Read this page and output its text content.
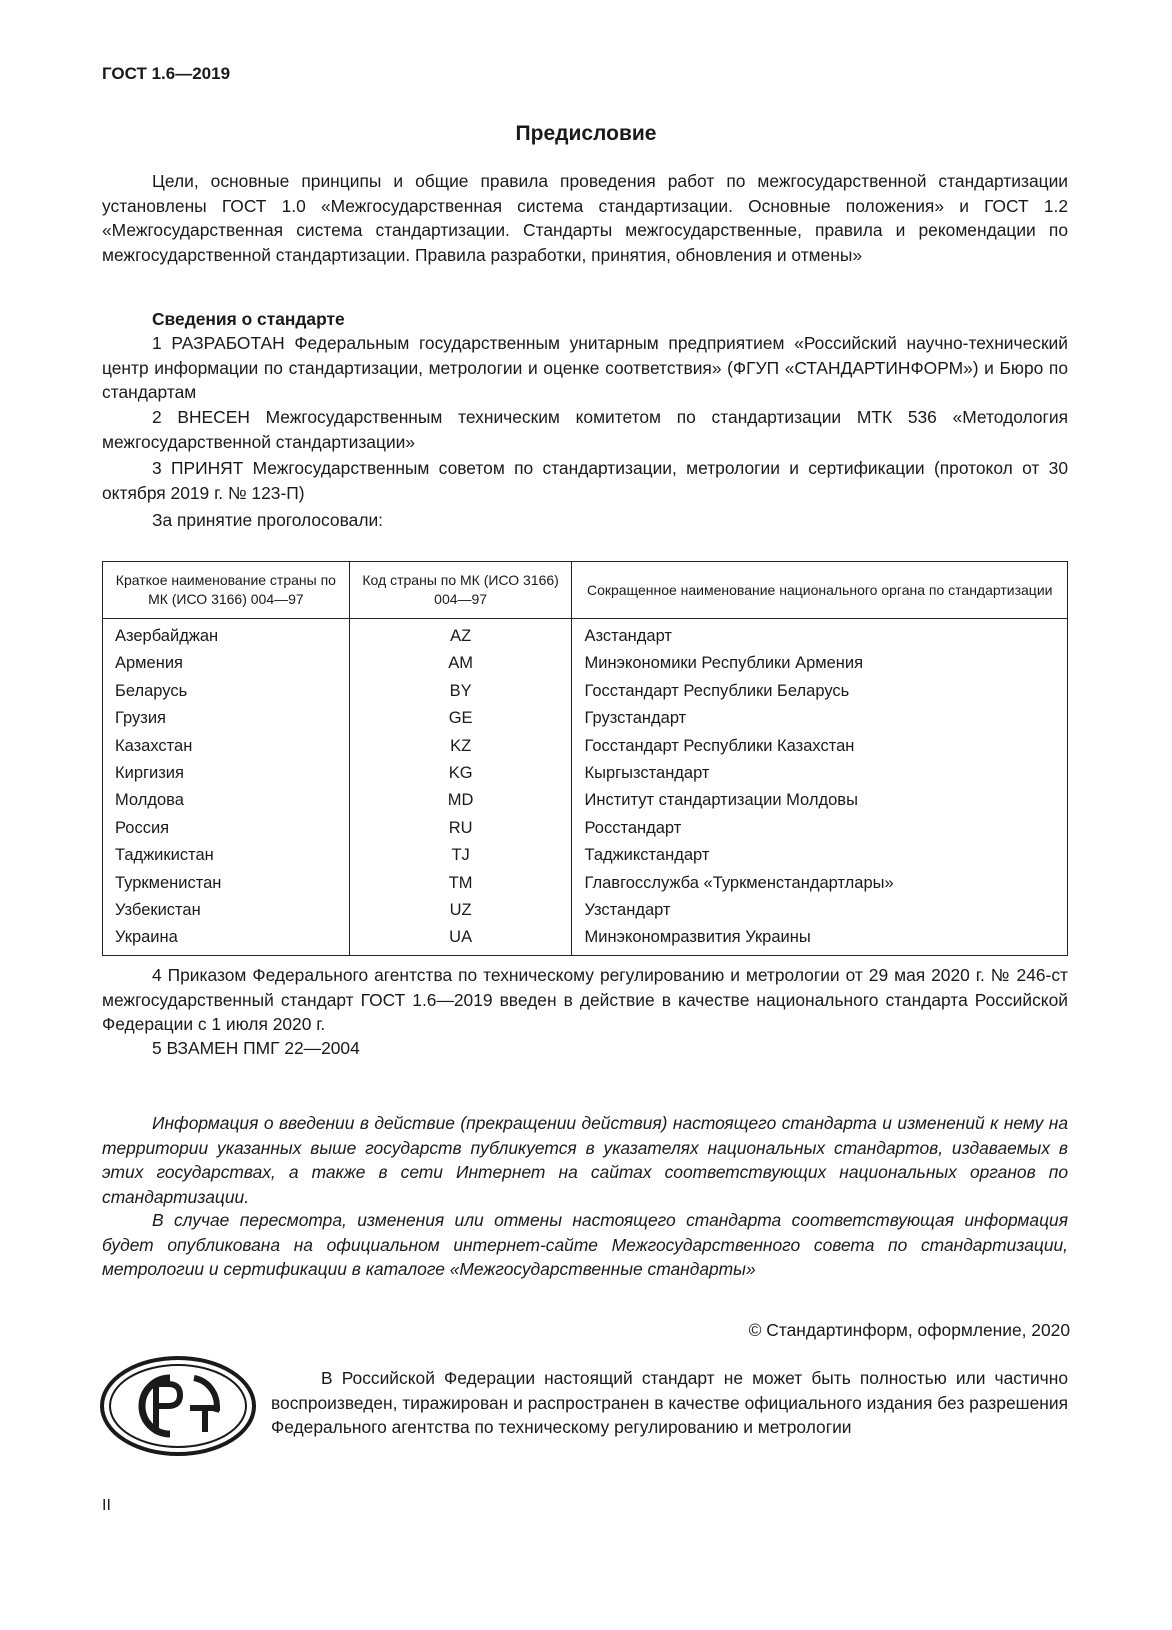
ГОСТ 1.6—2019
Предисловие

Цели, основные принципы и общие правила проведения работ по межгосударственной стандартизации установлены ГОСТ 1.0 «Межгосударственная система стандартизации. Основные положения» и ГОСТ 1.2 «Межгосударственная система стандартизации. Стандарты межгосударственные, правила и рекомендации по межгосударственной стандартизации. Правила разработки, принятия, обновления и отмены»

Сведения о стандарте

1 РАЗРАБОТАН Федеральным государственным унитарным предприятием «Российский научно-технический центр информации по стандартизации, метрологии и оценке соответствия» (ФГУП «СТАНДАРТИНФОРМ») и Бюро по стандартам

2 ВНЕСЕН Межгосударственным техническим комитетом по стандартизации МТК 536 «Методология межгосударственной стандартизации»

3 ПРИНЯТ Межгосударственным советом по стандартизации, метрологии и сертификации (протокол от 30 октября 2019 г. № 123-П)

За принятие проголосовали:

Краткое наименование страны по МК (ИСО 3166) 004—97	Код страны по МК (ИСО 3166) 004—97	Сокращенное наименование национального органа по стандартизации
Азербайджан	AZ	Азстандарт
Армения	AM	Минэкономики Республики Армения
Беларусь	BY	Госстандарт Республики Беларусь
Грузия	GE	Грузстандарт
Казахстан	KZ	Госстандарт Республики Казахстан
Киргизия	KG	Кыргызстандарт
Молдова	MD	Институт стандартизации Молдовы
Россия	RU	Росстандарт
Таджикистан	TJ	Таджикстандарт
Туркменистан	TM	Главгосслужба «Туркменстандартлары»
Узбекистан	UZ	Узстандарт
Украина	UA	Минэкономразвития Украины

4 Приказом Федерального агентства по техническому регулированию и метрологии от 29 мая 2020 г. № 246-ст межгосударственный стандарт ГОСТ 1.6—2019 введен в действие в качестве национального стандарта Российской Федерации с 1 июля 2020 г.

5 ВЗАМЕН ПМГ 22—2004

Информация о введении в действие (прекращении действия) настоящего стандарта и изменений к нему на территории указанных выше государств публикуется в указателях национальных стандартов, издаваемых в этих государствах, а также в сети Интернет на сайтах соответствующих национальных органов по стандартизации.

В случае пересмотра, изменения или отмены настоящего стандарта соответствующая информация будет опубликована на официальном интернет-сайте Межгосударственного совета по стандартизации, метрологии и сертификации в каталоге «Межгосударственные стандарты»

© Стандартинформ, оформление, 2020

В Российской Федерации настоящий стандарт не может быть полностью или частично воспроизведен, тиражирован и распространен в качестве официального издания без разрешения Федерального агентства по техническому регулированию и метрологии

II
